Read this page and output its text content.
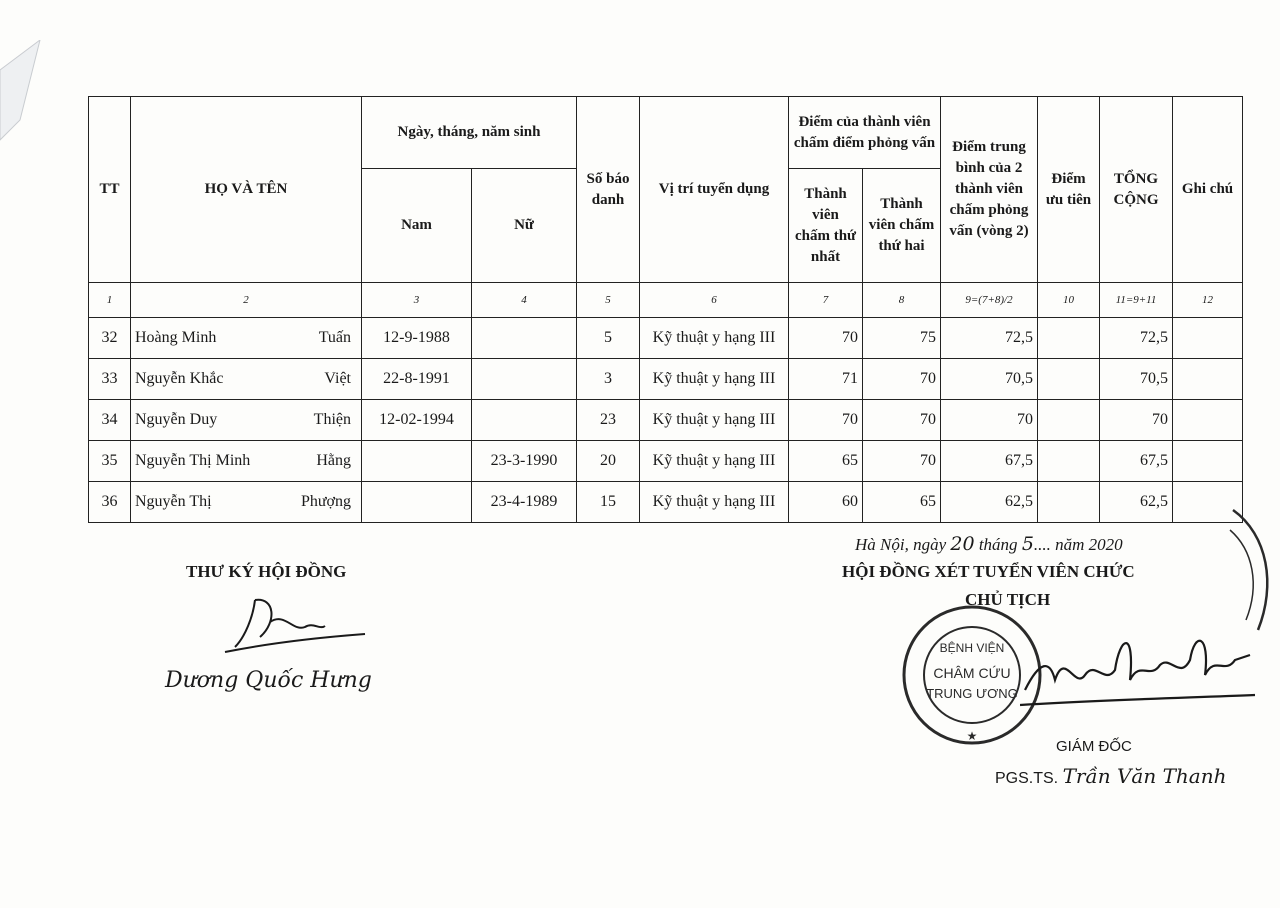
TT	HỌ VÀ TÊN	Ngày, tháng, năm sinh		Số báo danh	Vị trí tuyển dụng	Điểm của thành viên chấm điểm phỏng vấn		Điểm trung bình của 2 thành viên chấm phỏng vấn (vòng 2)	Điểm ưu tiên	TỔNG CỘNG	Ghi chú
		Nam	Nữ			Thành viên chấm thứ nhất	Thành viên chấm thứ hai				
1	2	3	4	5	6	7	8	9=(7+8)/2	10	11=9+11	12
32	Hoàng Minh Tuấn	12-9-1988		5	Kỹ thuật y hạng III	70	75	72,5		72,5	
33	Nguyễn Khắc Việt	22-8-1991		3	Kỹ thuật y hạng III	71	70	70,5		70,5	
34	Nguyễn Duy Thiện	12-02-1994		23	Kỹ thuật y hạng III	70	70	70		70	
35	Nguyễn Thị Minh Hằng		23-3-1990	20	Kỹ thuật y hạng III	65	70	67,5		67,5	
36	Nguyễn Thị Phượng		23-4-1989	15	Kỹ thuật y hạng III	60	65	62,5		62,5	
Hà Nội, ngày 20 tháng 5.... năm 2020
THƯ KÝ HỘI ĐỒNG
Dương Quốc Hưng
HỘI ĐỒNG XÉT TUYỂN VIÊN CHỨC
CHỦ TỊCH
BỆNH VIỆN
CHÂM CỨU
TRUNG ƯƠNG
★
GIÁM ĐỐC
PGS.TS. Trần Văn Thanh
